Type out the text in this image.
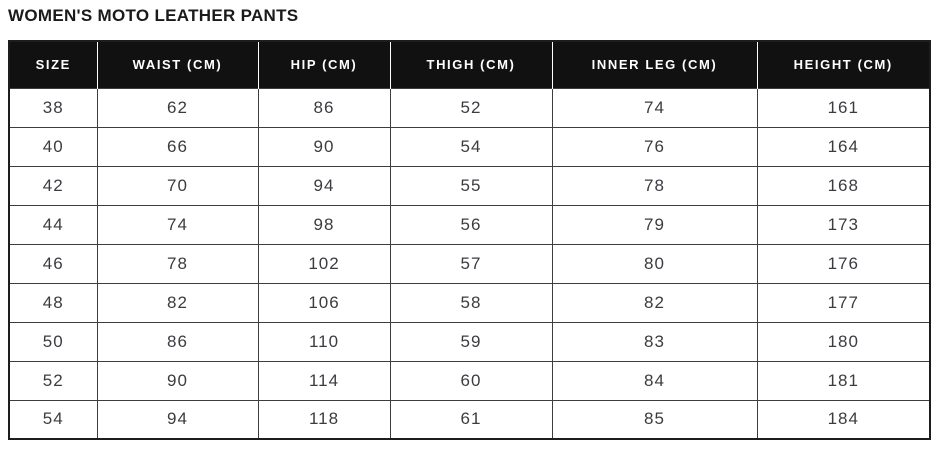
WOMEN'S MOTO LEATHER PANTS
SIZE	WAIST (CM)	HIP (CM)	THIGH (CM)	INNER LEG (CM)	HEIGHT (CM)
38	62	86	52	74	161
40	66	90	54	76	164
42	70	94	55	78	168
44	74	98	56	79	173
46	78	102	57	80	176
48	82	106	58	82	177
50	86	110	59	83	180
52	90	114	60	84	181
54	94	118	61	85	184
